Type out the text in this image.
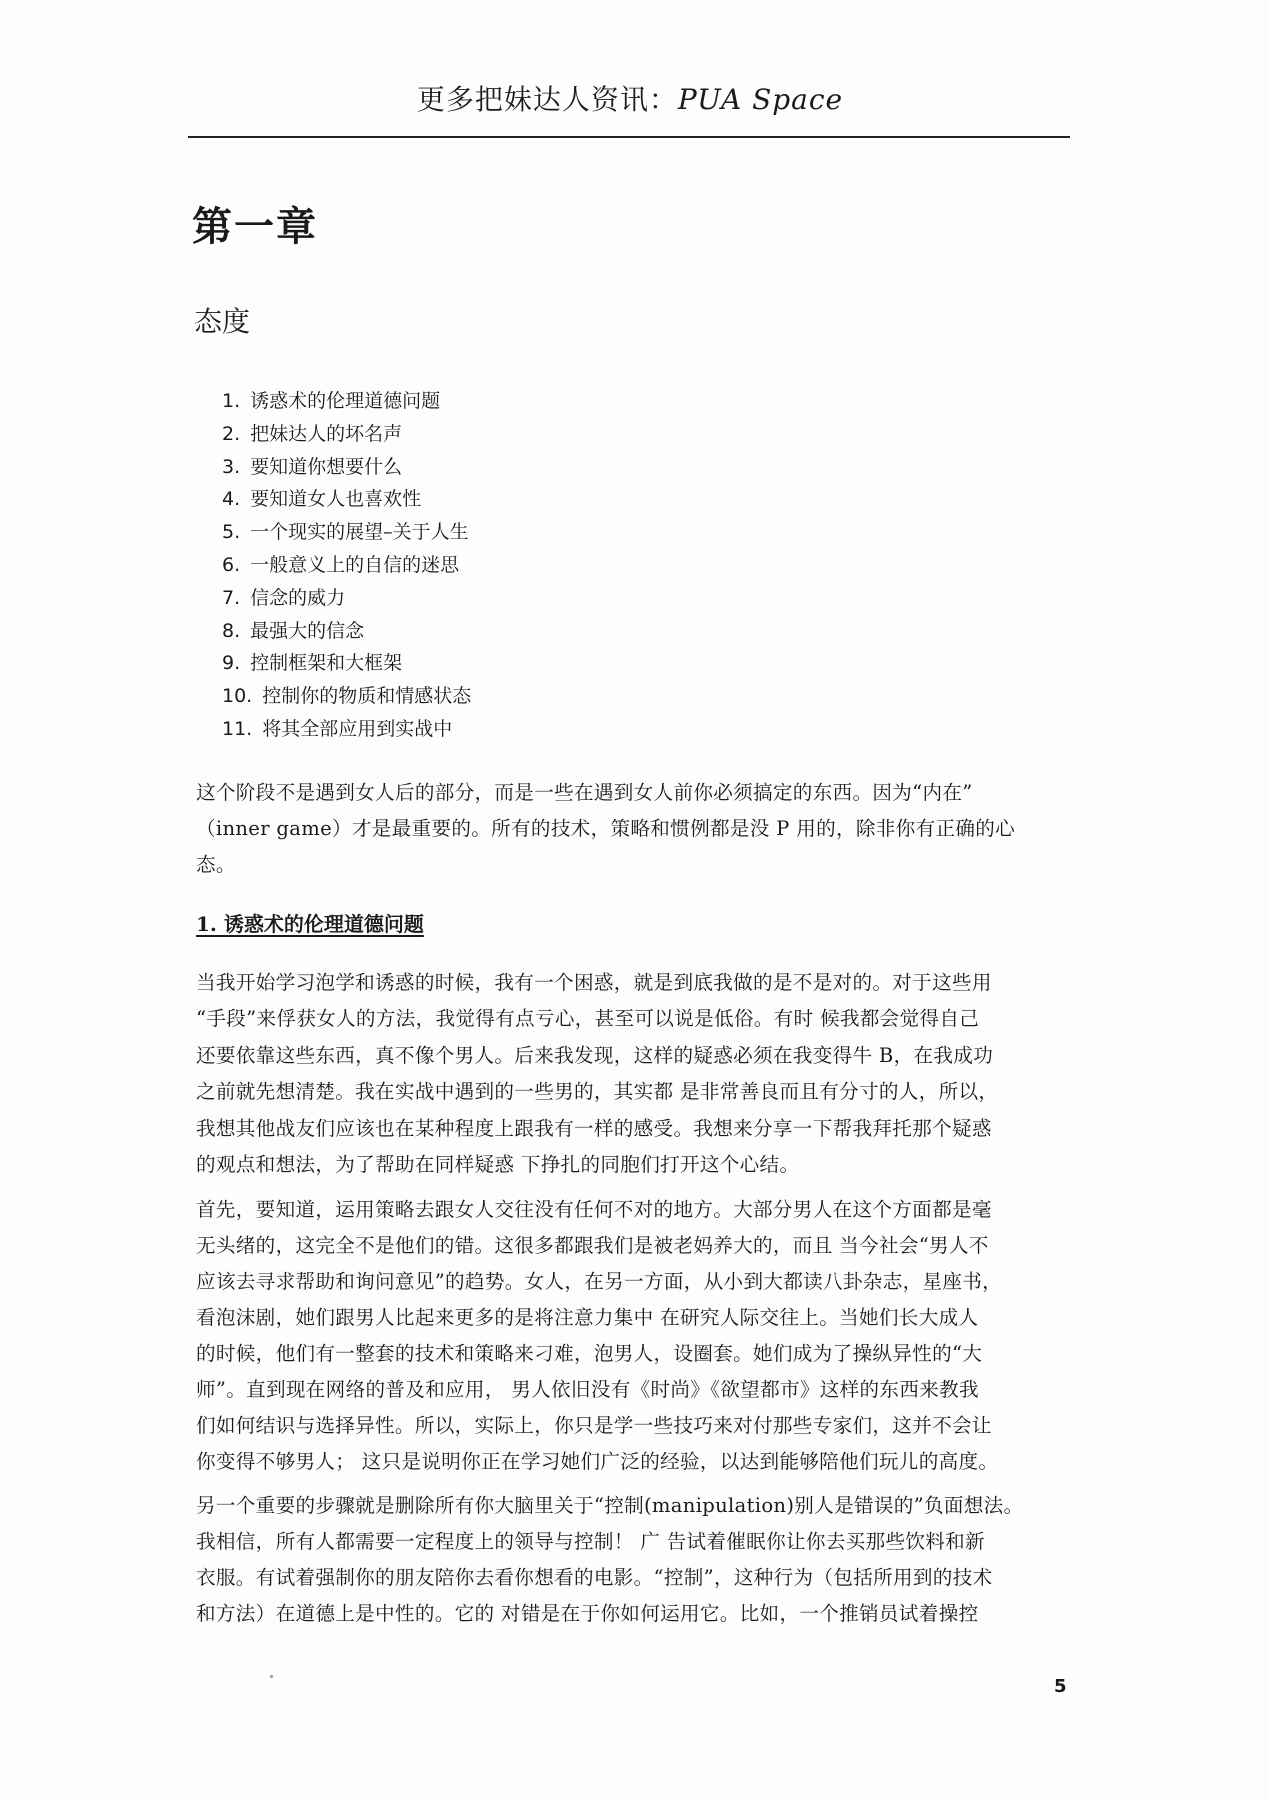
更多把妹达人资讯：PUA Space
第一章
态度
1. 诱惑术的伦理道德问题
2. 把妹达人的坏名声
3. 要知道你想要什么
4. 要知道女人也喜欢性
5. 一个现实的展望–关于人生
6. 一般意义上的自信的迷思
7. 信念的威力
8. 最强大的信念
9. 控制框架和大框架
10. 控制你的物质和情感状态
11. 将其全部应用到实战中
这个阶段不是遇到女人后的部分，而是一些在遇到女人前你必须搞定的东西。因为“内在”
（inner game）才是最重要的。所有的技术，策略和惯例都是没 P 用的，除非你有正确的心
态。
1. 诱惑术的伦理道德问题
当我开始学习泡学和诱惑的时候，我有一个困惑，就是到底我做的是不是对的。对于这些用
“手段”来俘获女人的方法，我觉得有点亏心，甚至可以说是低俗。有时 候我都会觉得自己
还要依靠这些东西，真不像个男人。后来我发现，这样的疑惑必须在我变得牛 B，在我成功
之前就先想清楚。我在实战中遇到的一些男的，其实都 是非常善良而且有分寸的人，所以，
我想其他战友们应该也在某种程度上跟我有一样的感受。我想来分享一下帮我拜托那个疑惑
的观点和想法，为了帮助在同样疑惑 下挣扎的同胞们打开这个心结。
首先，要知道，运用策略去跟女人交往没有任何不对的地方。大部分男人在这个方面都是毫
无头绪的，这完全不是他们的错。这很多都跟我们是被老妈养大的，而且 当今社会“男人不
应该去寻求帮助和询问意见”的趋势。女人，在另一方面，从小到大都读八卦杂志，星座书，
看泡沫剧，她们跟男人比起来更多的是将注意力集中 在研究人际交往上。当她们长大成人
的时候，他们有一整套的技术和策略来刁难，泡男人，设圈套。她们成为了操纵异性的“大
师”。直到现在网络的普及和应用， 男人依旧没有《时尚》《欲望都市》这样的东西来教我
们如何结识与选择异性。所以，实际上，你只是学一些技巧来对付那些专家们，这并不会让
你变得不够男人； 这只是说明你正在学习她们广泛的经验，以达到能够陪他们玩儿的高度。
另一个重要的步骤就是删除所有你大脑里关于“控制(manipulation)别人是错误的”负面想法。
我相信，所有人都需要一定程度上的领导与控制！ 广 告试着催眠你让你去买那些饮料和新
衣服。有试着强制你的朋友陪你去看你想看的电影。“控制”，这种行为（包括所用到的技术
和方法）在道德上是中性的。它的 对错是在于你如何运用它。比如，一个推销员试着操控
5
